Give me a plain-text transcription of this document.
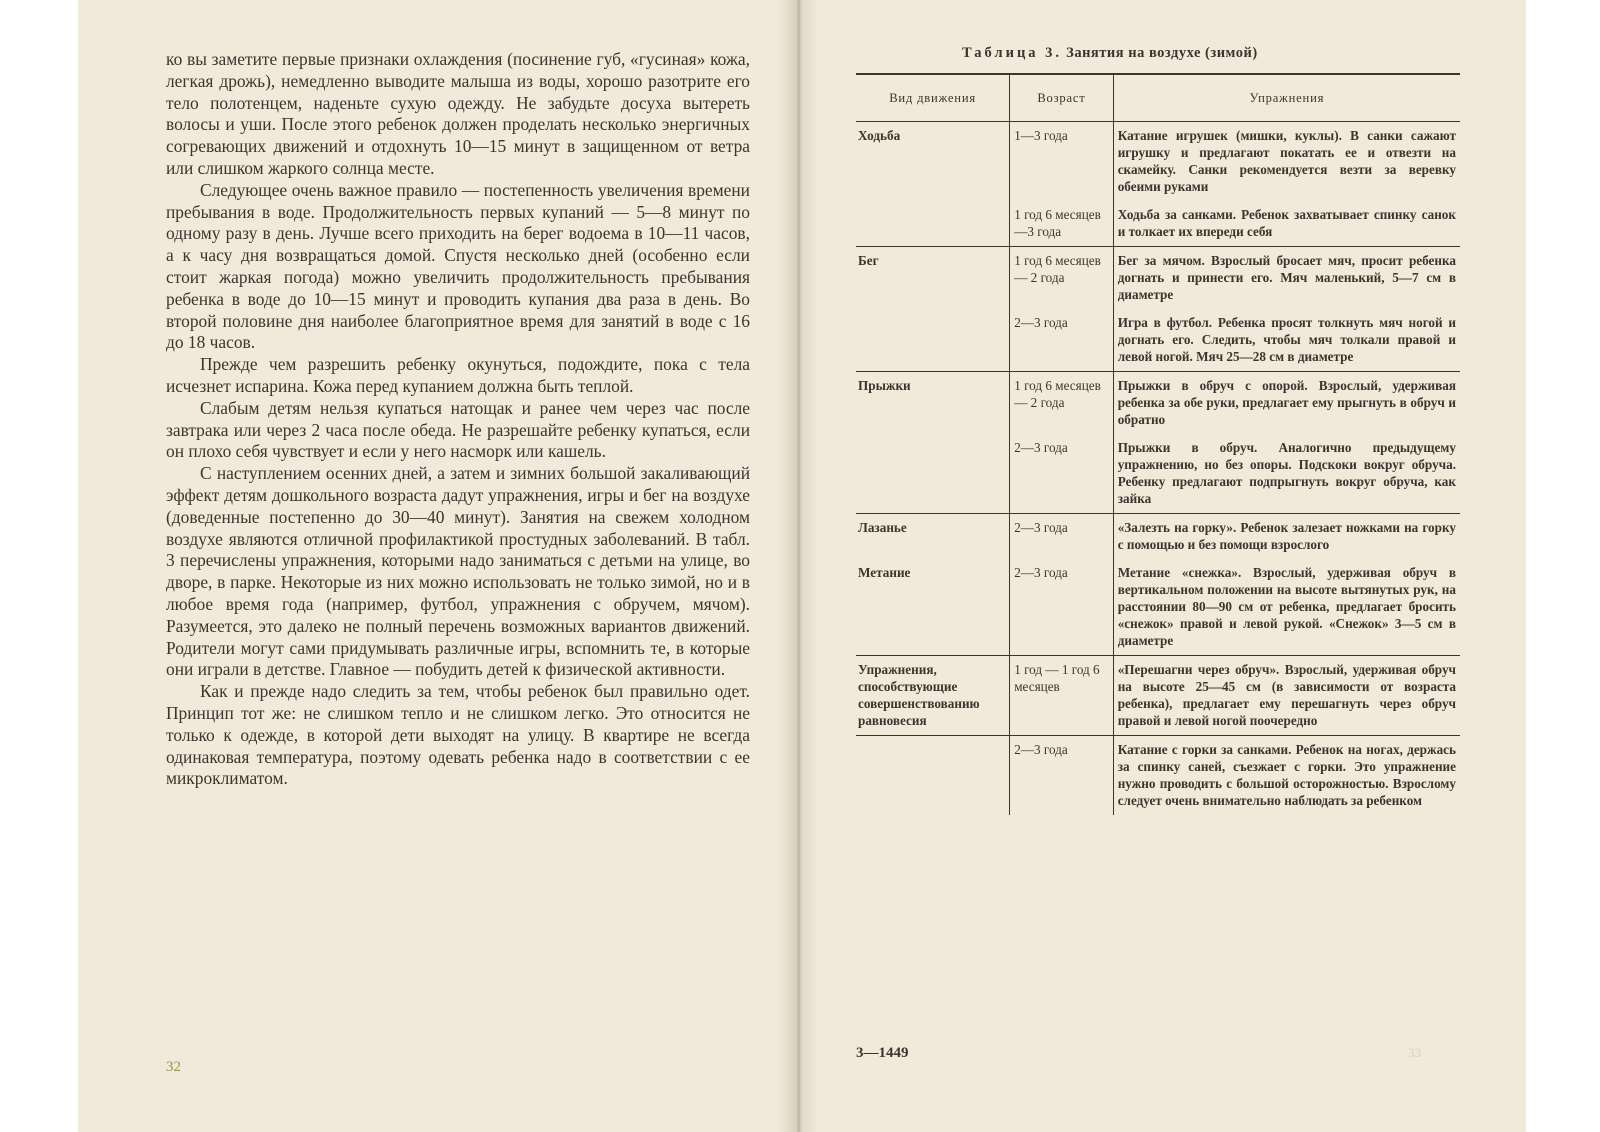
ко вы заметите первые признаки охлаждения (посинение губ, «гусиная» кожа, легкая дрожь), немедленно выводите малыша из воды, хорошо разотрите его тело полотенцем, наденьте сухую одежду. Не забудьте досуха вытереть волосы и уши. После этого ребенок должен проделать несколько энергичных согревающих движений и отдохнуть 10—15 минут в защищенном от ветра или слишком жаркого солнца месте.

Следующее очень важное правило — постепенность увеличения времени пребывания в воде. Продолжительность первых купаний — 5—8 минут по одному разу в день. Лучше всего приходить на берег водоема в 10—11 часов, а к часу дня возвращаться домой. Спустя несколько дней (особенно если стоит жаркая погода) можно увеличить продолжительность пребывания ребенка в воде до 10—15 минут и проводить купания два раза в день. Во второй половине дня наиболее благоприятное время для занятий в воде с 16 до 18 часов.

Прежде чем разрешить ребенку окунуться, подождите, пока с тела исчезнет испарина. Кожа перед купанием должна быть теплой.

Слабым детям нельзя купаться натощак и ранее чем через час после завтрака или через 2 часа после обеда. Не разрешайте ребенку купаться, если он плохо себя чувствует и если у него насморк или кашель.

С наступлением осенних дней, а затем и зимних большой закаливающий эффект детям дошкольного возраста дадут упражнения, игры и бег на воздухе (доведенные постепенно до 30—40 минут). Занятия на свежем холодном воздухе являются отличной профилактикой простудных заболеваний. В табл. 3 перечислены упражнения, которыми надо заниматься с детьми на улице, во дворе, в парке. Некоторые из них можно использовать не только зимой, но и в любое время года (например, футбол, упражнения с обручем, мячом). Разумеется, это далеко не полный перечень возможных вариантов движений. Родители могут сами придумывать различные игры, вспомнить те, в которые они играли в детстве. Главное — побудить детей к физической активности.

Как и прежде надо следить за тем, чтобы ребенок был правильно одет. Принцип тот же: не слишком тепло и не слишком легко. Это относится не только к одежде, в которой дети выходят на улицу. В квартире не всегда одинаковая температура, поэтому одевать ребенка надо в соответствии с ее микроклиматом.

32
Таблица 3. Занятия на воздухе (зимой)
Вид движения	Возраст	Упражнения
Ходьба	1—3 года	Катание игрушек (мишки, куклы). В санки сажают игрушку и предлагают покатать ее и отвезти на скамейку. Санки рекомендуется везти за веревку обеими руками
	1 год 6 месяцев—3 года	Ходьба за санками. Ребенок захватывает спинку санок и толкает их впереди себя
Бег	1 год 6 месяцев — 2 года	Бег за мячом. Взрослый бросает мяч, просит ребенка догнать и принести его. Мяч маленький, 5—7 см в диаметре
	2—3 года	Игра в футбол. Ребенка просят толкнуть мяч ногой и догнать его. Следить, чтобы мяч толкали правой и левой ногой. Мяч 25—28 см в диаметре
Прыжки	1 год 6 месяцев — 2 года	Прыжки в обруч с опорой. Взрослый, удерживая ребенка за обе руки, предлагает ему прыгнуть в обруч и обратно
	2—3 года	Прыжки в обруч. Аналогично предыдущему упражнению, но без опоры. Подскоки вокруг обруча. Ребенку предлагают подпрыгнуть вокруг обруча, как зайка
Лазанье	2—3 года	«Залезть на горку». Ребенок залезает ножками на горку с помощью и без помощи взрослого
Метание	2—3 года	Метание «снежка». Взрослый, удерживая обруч в вертикальном положении на высоте вытянутых рук, на расстоянии 80—90 см от ребенка, предлагает бросить «снежок» правой и левой рукой. «Снежок» 3—5 см в диаметре
Упражнения, способствующие совершенствованию равновесия	1 год — 1 год 6 месяцев	«Перешагни через обруч». Взрослый, удерживая обруч на высоте 25—45 см (в зависимости от возраста ребенка), предлагает ему перешагнуть через обруч правой и левой ногой поочередно
	2—3 года	Катание с горки за санками. Ребенок на ногах, держась за спинку саней, съезжает с горки. Это упражнение нужно проводить с большой осторожностью. Взрослому следует очень внимательно наблюдать за ребенком
3—1449	33
